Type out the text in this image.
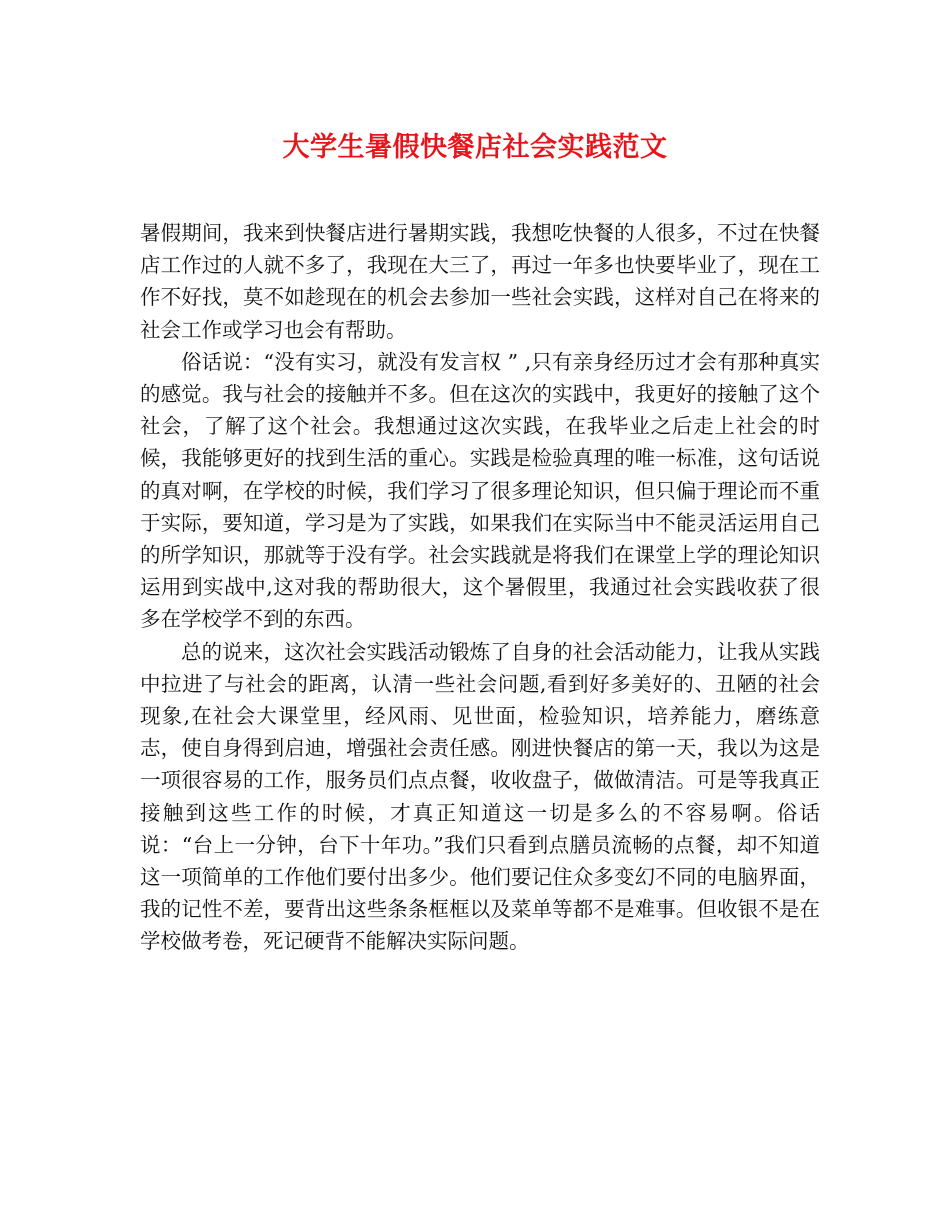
大学生暑假快餐店社会实践范文

暑假期间，我来到快餐店进行暑期实践，我想吃快餐的人很多，不过在快餐店工作过的人就不多了，我现在大三了，再过一年多也快要毕业了，现在工作不好找，莫不如趁现在的机会去参加一些社会实践，这样对自己在将来的社会工作或学习也会有帮助。

俗话说：“没有实习，就没有发言权 ” ,只有亲身经历过才会有那种真实的感觉。我与社会的接触并不多。但在这次的实践中，我更好的接触了这个社会，了解了这个社会。我想通过这次实践，在我毕业之后走上社会的时候，我能够更好的找到生活的重心。实践是检验真理的唯一标准，这句话说的真对啊，在学校的时候，我们学习了很多理论知识，但只偏于理论而不重于实际，要知道，学习是为了实践，如果我们在实际当中不能灵活运用自己的所学知识，那就等于没有学。社会实践就是将我们在课堂上学的理论知识运用到实战中,这对我的帮助很大，这个暑假里，我通过社会实践收获了很多在学校学不到的东西。

总的说来，这次社会实践活动锻炼了自身的社会活动能力，让我从实践中拉进了与社会的距离，认清一些社会问题,看到好多美好的、丑陋的社会现象,在社会大课堂里，经风雨、见世面，检验知识，培养能力，磨练意志，使自身得到启迪，增强社会责任感。刚进快餐店的第一天，我以为这是一项很容易的工作，服务员们点点餐，收收盘子，做做清洁。可是等我真正接触到这些工作的时候，才真正知道这一切是多么的不容易啊。俗话说：“台上一分钟，台下十年功。”我们只看到点膳员流畅的点餐，却不知道这一项简单的工作他们要付出多少。他们要记住众多变幻不同的电脑界面，我的记性不差，要背出这些条条框框以及菜单等都不是难事。但收银不是在学校做考卷，死记硬背不能解决实际问题。
